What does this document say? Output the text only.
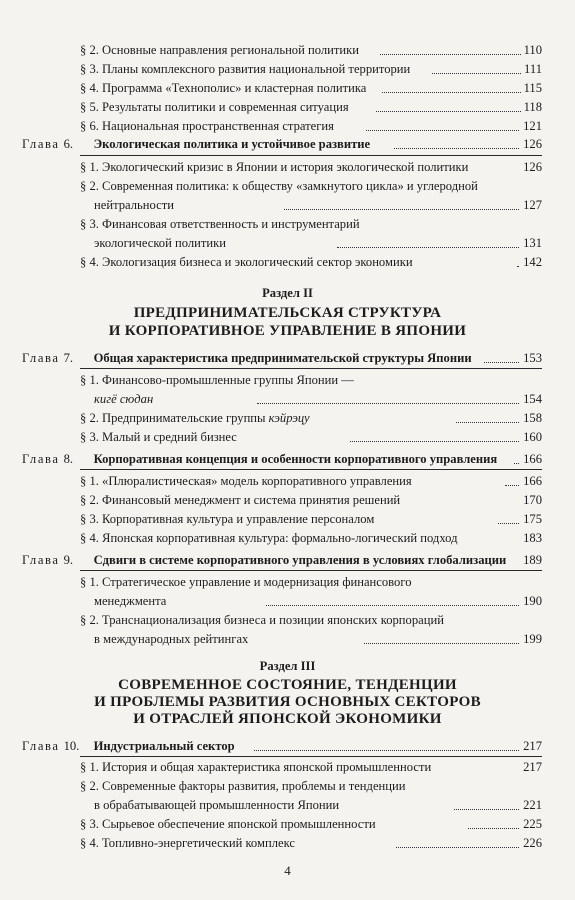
§ 2. Основные направления региональной политики	110
§ 3. Планы комплексного развития национальной территории	111
§ 4. Программа «Технополис» и кластерная политика	115
§ 5. Результаты политики и современная ситуация	118
§ 6. Национальная пространственная стратегия	121
Глава 6. Экологическая политика и устойчивое развитие	126
§ 1. Экологический кризис в Японии и история экологической политики	126
§ 2. Современная политика: к обществу «замкнутого цикла» и углеродной
нейтральности	127
§ 3. Финансовая ответственность и инструментарий
экологической политики	131
§ 4. Экологизация бизнеса и экологический сектор экономики	142
Раздел II
ПРЕДПРИНИМАТЕЛЬСКАЯ СТРУКТУРА
И КОРПОРАТИВНОЕ УПРАВЛЕНИЕ В ЯПОНИИ
Глава 7. Общая характеристика предпринимательской структуры Японии	153
§ 1. Финансово-промышленные группы Японии —
кигё сюдан	154
§ 2. Предпринимательские группы кэйрэцу	158
§ 3. Малый и средний бизнес	160
Глава 8. Корпоративная концепция и особенности корпоративного управления 166
§ 1. «Плюралистическая» модель корпоративного управления	166
§ 2. Финансовый менеджмент и система принятия решений	170
§ 3. Корпоративная культура и управление персоналом	175
§ 4. Японская корпоративная культура: формально-логический подход	183
Глава 9. Сдвиги в системе корпоративного управления в условиях глобализации 189
§ 1. Стратегическое управление и модернизация финансового
менеджмента	190
§ 2. Транснационализация бизнеса и позиции японских корпораций
в международных рейтингах	199
Раздел III
СОВРЕМЕННОЕ СОСТОЯНИЕ, ТЕНДЕНЦИИ
И ПРОБЛЕМЫ РАЗВИТИЯ ОСНОВНЫХ СЕКТОРОВ
И ОТРАСЛЕЙ ЯПОНСКОЙ ЭКОНОМИКИ
Глава 10. Индустриальный сектор	217
§ 1. История и общая характеристика японской промышленности	217
§ 2. Современные факторы развития, проблемы и тенденции
в обрабатывающей промышленности Японии	221
§ 3. Сырьевое обеспечение японской промышленности	225
§ 4. Топливно-энергетический комплекс	226
4
